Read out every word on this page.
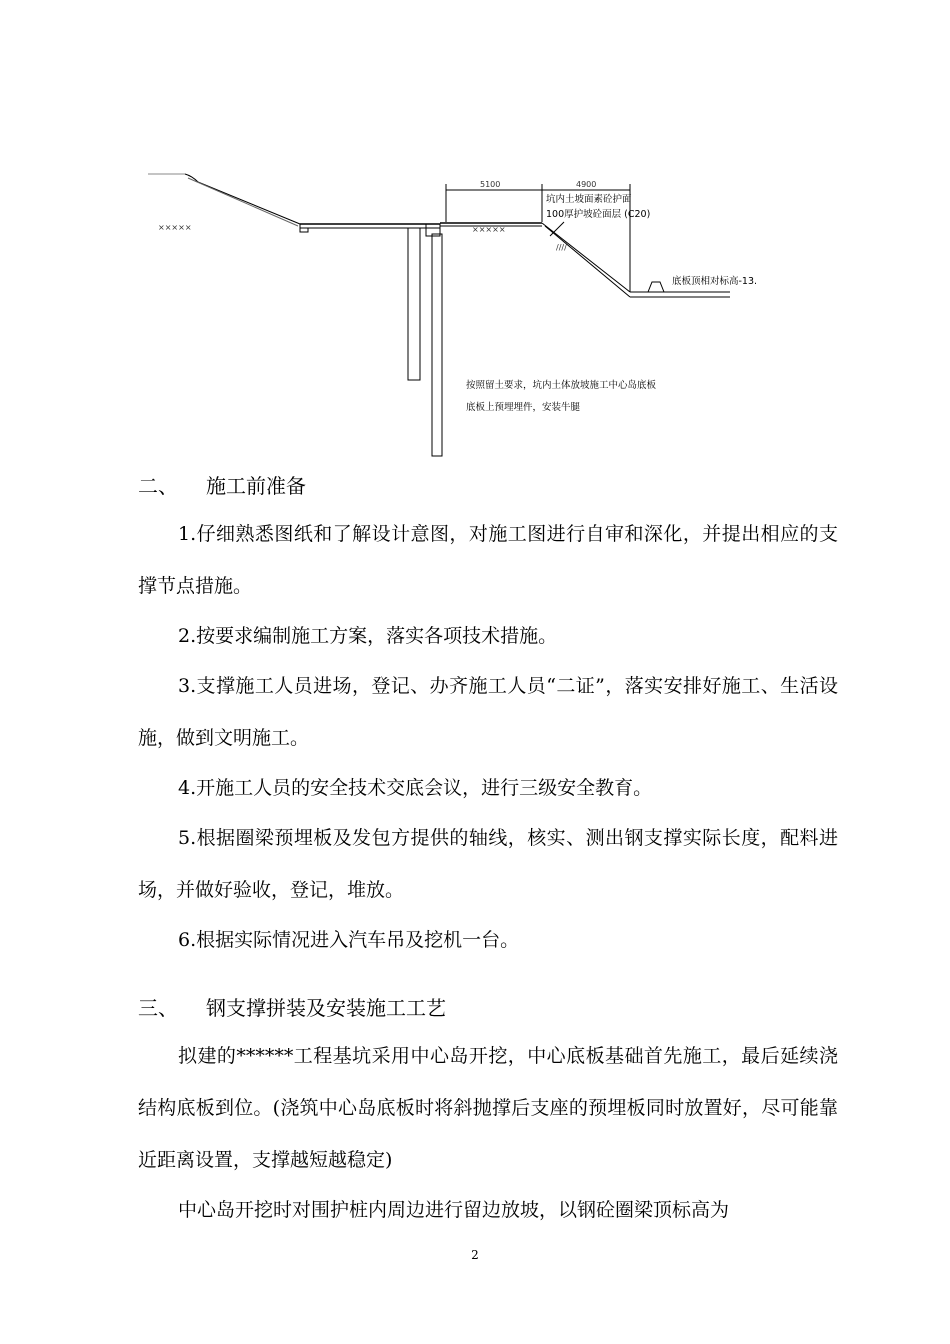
×××××	×××××
////
5100	4900
坑内土坡面素砼护面
100厚护坡砼面层 (C20)
底板顶相对标高-13.
按照留土要求，坑内土体放坡施工中心岛底板
底板上预埋埋件，安装牛腿
二、 施工前准备

1.仔细熟悉图纸和了解设计意图，对施工图进行自审和深化，并提出相应的支撑节点措施。

2.按要求编制施工方案，落实各项技术措施。

3.支撑施工人员进场，登记、办齐施工人员“二证”，落实安排好施工、生活设施，做到文明施工。

4.开施工人员的安全技术交底会议，进行三级安全教育。

5.根据圈梁预埋板及发包方提供的轴线，核实、测出钢支撑实际长度，配料进场，并做好验收，登记，堆放。

6.根据实际情况进入汽车吊及挖机一台。

三、 钢支撑拼装及安装施工工艺

拟建的******工程基坑采用中心岛开挖，中心底板基础首先施工，最后延续浇结构底板到位。(浇筑中心岛底板时将斜抛撑后支座的预埋板同时放置好，尽可能靠近距离设置，支撑越短越稳定)

中心岛开挖时对围护桩内周边进行留边放坡，以钢砼圈梁顶标高为

2
